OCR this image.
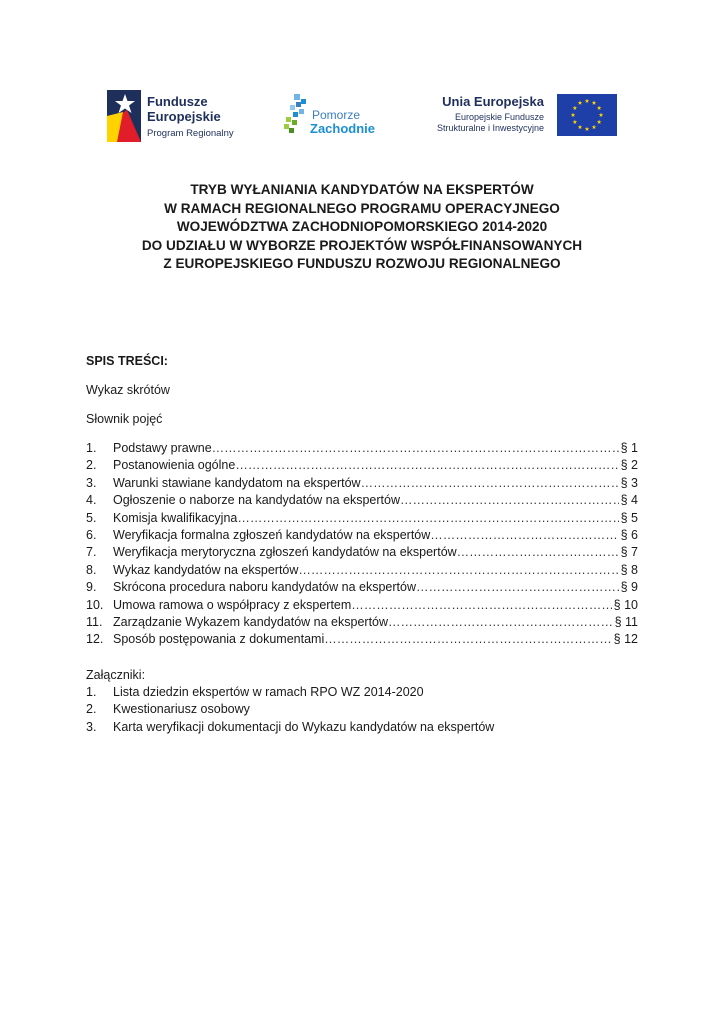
Fundusze
Europejskie
Program Regionalny
Pomorze
Zachodnie
Unia Europejska
Europejskie Fundusze
Strukturalne i Inwestycyjne
TRYB WYŁANIANIA KANDYDATÓW NA EKSPERTÓW
W RAMACH REGIONALNEGO PROGRAMU OPERACYJNEGO
WOJEWÓDZTWA ZACHODNIOPOMORSKIEGO 2014-2020
DO UDZIAŁU W WYBORZE PROJEKTÓW WSPÓŁFINANSOWANYCH
Z EUROPEJSKIEGO FUNDUSZU ROZWOJU REGIONALNEGO
SPIS TREŚCI:
Wykaz skrótów
Słownik pojęć
1. Podstawy prawne …………………………………………………………………………………………………………………………………………	§ 1
2. Postanowienia ogólne …………………………………………………………………………………………………………………………………………	§ 2
3. Warunki stawiane kandydatom na ekspertów …………………………………………………………………………………………………………………………………………	§ 3
4. Ogłoszenie o naborze na kandydatów na ekspertów …………………………………………………………………………………………………………………………………………	§ 4
5. Komisja kwalifikacyjna …………………………………………………………………………………………………………………………………………	§ 5
6. Weryfikacja formalna zgłoszeń kandydatów na ekspertów …………………………………………………………………………………………………………………………………………	§ 6
7. Weryfikacja merytoryczna zgłoszeń kandydatów na ekspertów …………………………………………………………………………………………………………………………………………	§ 7
8. Wykaz kandydatów na ekspertów …………………………………………………………………………………………………………………………………………	§ 8
9. Skrócona procedura naboru kandydatów na ekspertów …………………………………………………………………………………………………………………………………………	§ 9
10. Umowa ramowa o współpracy z ekspertem …………………………………………………………………………………………………………………………………………	§ 10
11. Zarządzanie Wykazem kandydatów na ekspertów …………………………………………………………………………………………………………………………………………	§ 11
12. Sposób postępowania z dokumentami …………………………………………………………………………………………………………………………………………	§ 12
Załączniki:
1. Lista dziedzin ekspertów w ramach RPO WZ 2014-2020
2. Kwestionariusz osobowy
3. Karta weryfikacji dokumentacji do Wykazu kandydatów na ekspertów
